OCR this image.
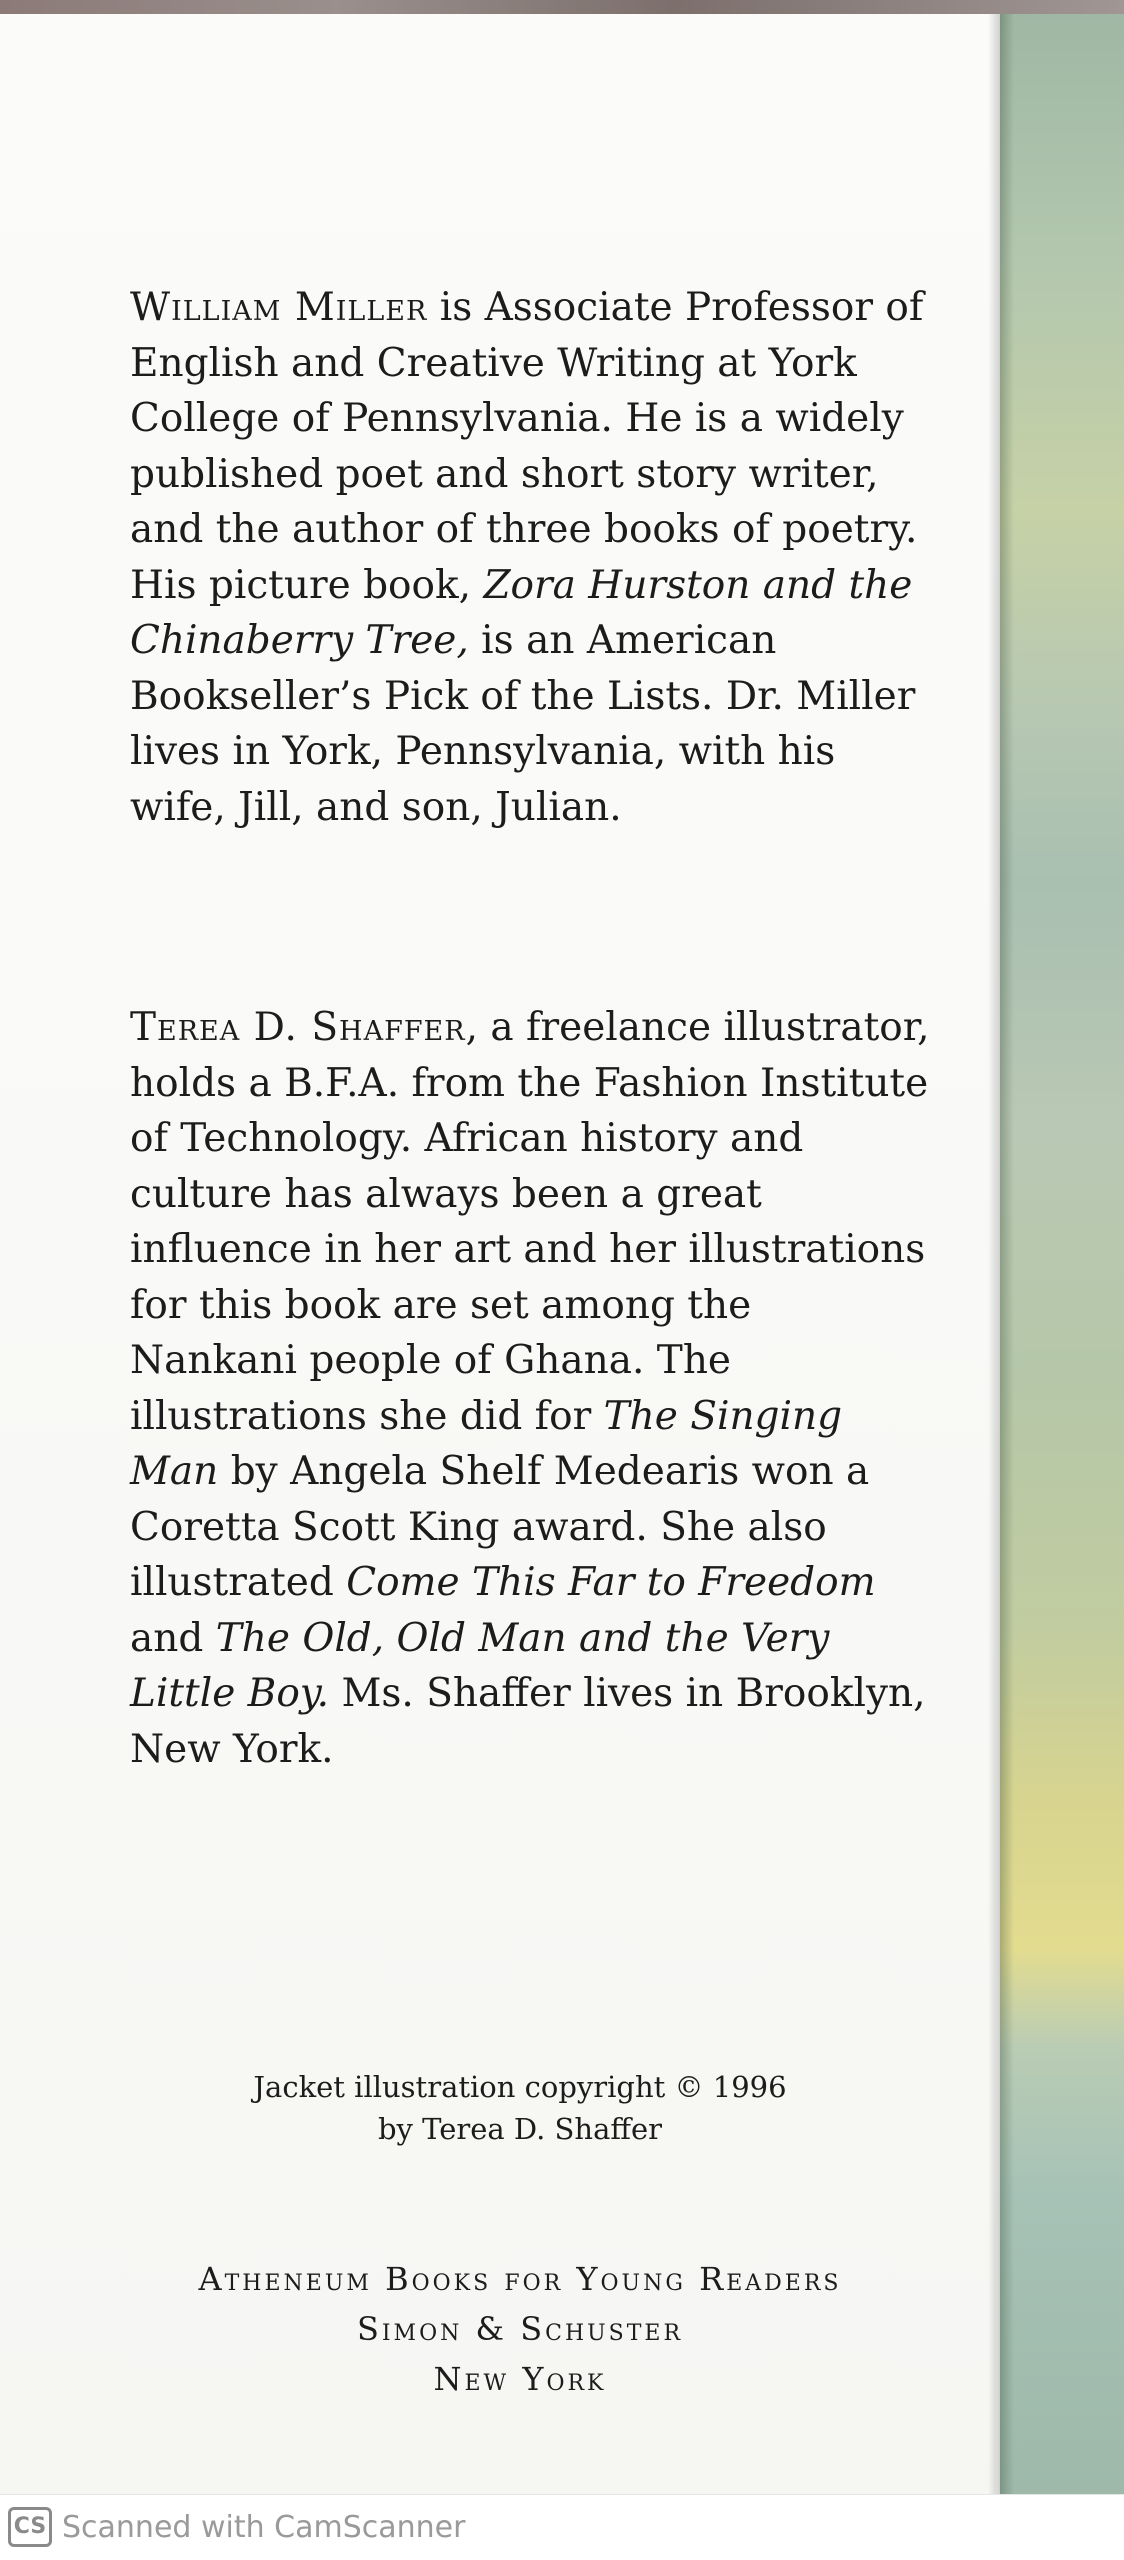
William Miller is Associate Professor of English and Creative Writing at York College of Pennsylvania. He is a widely published poet and short story writer, and the author of three books of poetry. His picture book, Zora Hurston and the Chinaberry Tree, is an American Bookseller’s Pick of the Lists. Dr. Miller lives in York, Pennsylvania, with his wife, Jill, and son, Julian.

Terea D. Shaffer, a freelance illustrator, holds a B.F.A. from the Fashion Institute of Technology. African history and culture has always been a great influence in her art and her illustrations for this book are set among the Nankani people of Ghana. The illustrations she did for The Singing Man by Angela Shelf Medearis won a Coretta Scott King award. She also illustrated Come This Far to Freedom and The Old, Old Man and the Very Little Boy. Ms. Shaffer lives in Brooklyn, New York.

Jacket illustration copyright © 1996
by Terea D. Shaffer
Atheneum Books for Young Readers
Simon & Schuster
New York
CS Scanned with CamScanner
